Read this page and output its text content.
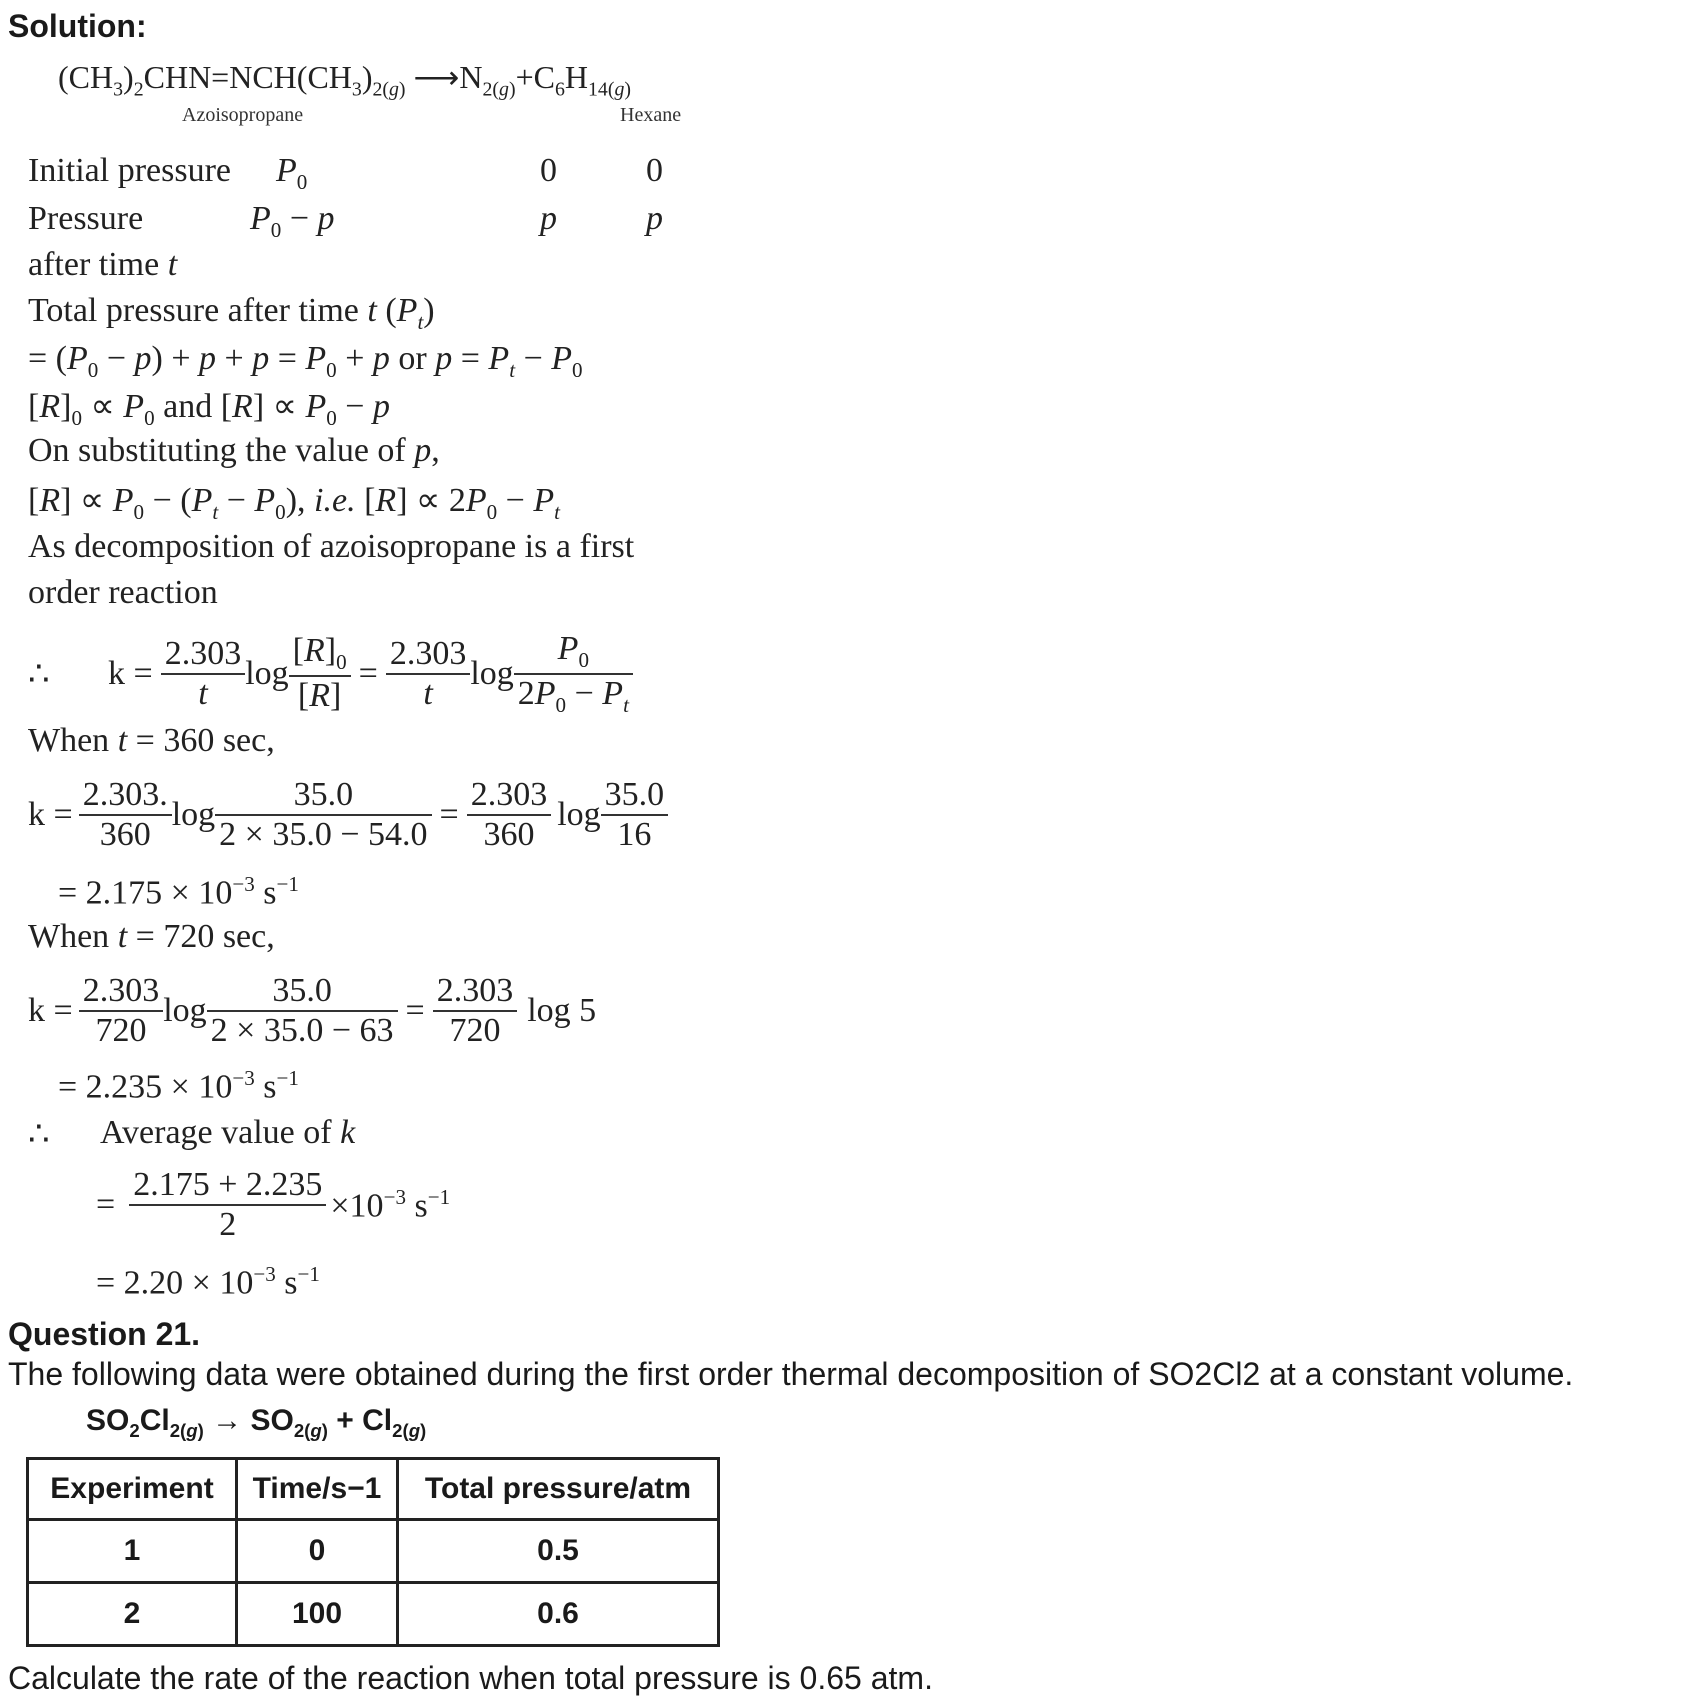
Solution:
$(CH_3)_2CHN=NCH(CH_3)_{2(g)}$ $⟶N_{2(g)}+C_6H_{14(g)}$
Azoisopropane	Hexane
Initial pressure $P_0$	0	0
Pressure	$P_0 - p$	p	p
after time t
Total pressure after time t $(P_t)$
= $(P_0 - p) + p + p = P_0 + p$ or $p = P_t - P_0$
$[R]_0 \propto P_0$ and $[R] \propto P_0 - p$
On substituting the value of p,
$[R] \propto P_0 - (P_t - P_0)$, i.e. $[R] \propto 2P_0 - P_t$
As decomposition of azoisopropane is a first
order reaction
∴	$k = \frac{2.303}{t}$ $\log \frac{[R]_0}{[R]} = \frac{2.303}{t}$ $\log \frac{P_0}{2P_0 - P_t}$
When t = 360 sec,
$k = \frac{2.303.}{360}$ $\log \frac{35.0}{2 \times 35.0 - 54.0} = \frac{2.303}{360}$ $\log \frac{35.0}{16}$
= $2.175 \times 10^{-3}$ $s^{-1}$
When t = 720 sec,
$k = \frac{2.303}{720}$ $\log \frac{35.0}{2 \times 35.0 - 63} = \frac{2.303}{720}$ log 5
= $2.235 \times 10^{-3}$ $s^{-1}$
∴ Average value of k
= $\frac{2.175 + 2.235}{2} \times 10^{-3}$ $s^{-1}$
= $2.20 \times 10^{-3}$ $s^{-1}$
Question 21.
The following data were obtained during the first order thermal decomposition of SO2Cl2 at a constant volume.
$SO_2Cl_{2(g)} \to SO_{2(g)} + Cl_{2(g)}$
Experiment	Time/s−1	Total pressure/atm
1	0	0.5
2	100	0.6
Calculate the rate of the reaction when total pressure is 0.65 atm.
